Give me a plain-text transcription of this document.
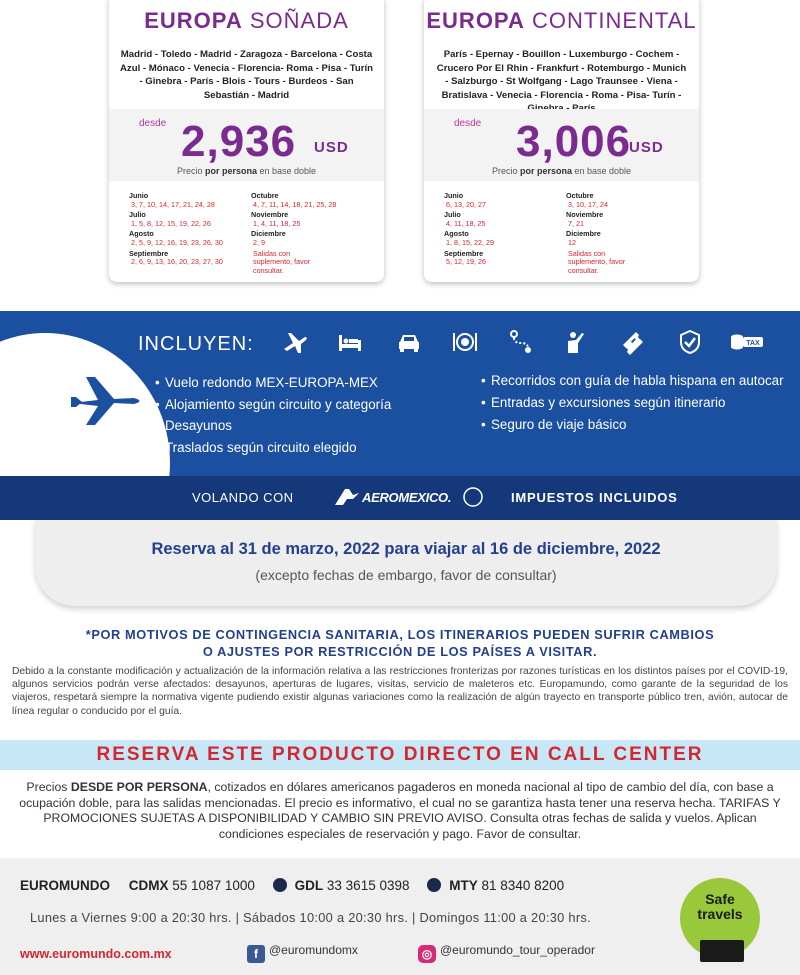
EUROPA SOÑADA
Madrid - Toledo - Madrid - Zaragoza - Barcelona - Costa Azul - Mónaco - Venecia - Florencia- Roma - Pisa - Turín - Ginebra - París - Blois - Tours - Burdeos - San Sebastián - Madrid
desde 2,936 USD
Precio por persona en base doble
Junio
3, 7, 10, 14, 17, 21, 24, 28
Julio
1, 5, 8, 12, 15, 19, 22, 26
Agosto
2, 5, 9, 12, 16, 19, 23, 26, 30
Septiembre
2, 6, 9, 13, 16, 20, 23, 27, 30
Octubre
4, 7, 11, 14, 18, 21, 25, 28
Noviembre
1, 4, 11, 18, 25
Diciembre
2, 9
Salidas con suplemento, favor consultar.
EUROPA CONTINENTAL
París - Epernay - Bouillon - Luxemburgo - Cochem - Crucero Por El Rhin - Frankfurt - Rotemburgo - Munich - Salzburgo - St Wolfgang - Lago Traunsee - Viena - Bratislava - Venecia - Florencia - Roma - Pisa- Turín -
desde 3,006
USD
Precio por persona en base doble
Junio
6, 13, 20, 27
Julio
4, 11, 18, 25
Agosto
1, 8, 15, 22, 29
Septiembre
5, 12, 19, 26
Octubre
3, 10, 17, 24
Noviembre
7, 21
Diciembre
12
Salidas con suplemento, favor consultar.
INCLUYEN:	TAX
• Vuelo redondo MEX-EUROPA-MEX
• Alojamiento según circuito y categoría
• Desayunos
• Traslados según circuito elegido
• Recorridos con guía de habla hispana en autocar
• Entradas y excursiones según itinerario
• Seguro de viaje básico
VOLANDO CON	AEROMEXICO.	IMPUESTOS INCLUIDOS
Reserva al 31 de marzo, 2022 para viajar al 16 de diciembre, 2022
(excepto fechas de embargo, favor de consultar)
*POR MOTIVOS DE CONTINGENCIA SANITARIA, LOS ITINERARIOS PUEDEN SUFRIR CAMBIOS
O AJUSTES POR RESTRICCIÓN DE LOS PAÍSES A VISITAR.
Debido a la constante modificación y actualización de la información relativa a las restricciones fronterizas por razones turísticas en los distintos países por el COVID-19, algunos servicios podrán verse afectados: desayunos, aperturas de lugares, visitas, servicio de maleteros etc. Europamundo, como garante de la seguridad de los viajeros, respetará siempre la normativa vigente pudiendo existir algunas variaciones como la realización de algún trayecto en transporte público tren, avión, autocar de línea regular o conducido por el guía.
RESERVA ESTE PRODUCTO DIRECTO EN CALL CENTER
Precios DESDE POR PERSONA, cotizados en dólares americanos pagaderos en moneda nacional al tipo de cambio del día, con base a ocupación doble, para las salidas mencionadas. El precio es informativo, el cual no se garantiza hasta tener una reserva hecha. TARIFAS Y PROMOCIONES SUJETAS A DISPONIBILIDAD Y CAMBIO SIN PREVIO AVISO. Consulta otras fechas de salida y vuelos. Aplican condiciones especiales de reservación y pago. Favor de consultar.
EUROMUNDO CDMX 55 1087 1000	GDL 33 3615 0398	MTY 81 8340 8200
Lunes a Viernes 9:00 a 20:30 hrs. | Sábados 10:00 a 20:30 hrs. | Domingos 11:00 a 20:30 hrs.
www.euromundo.com.mx	f @euromundomx	◎ @euromundo_tour_operador
Safe
travels
